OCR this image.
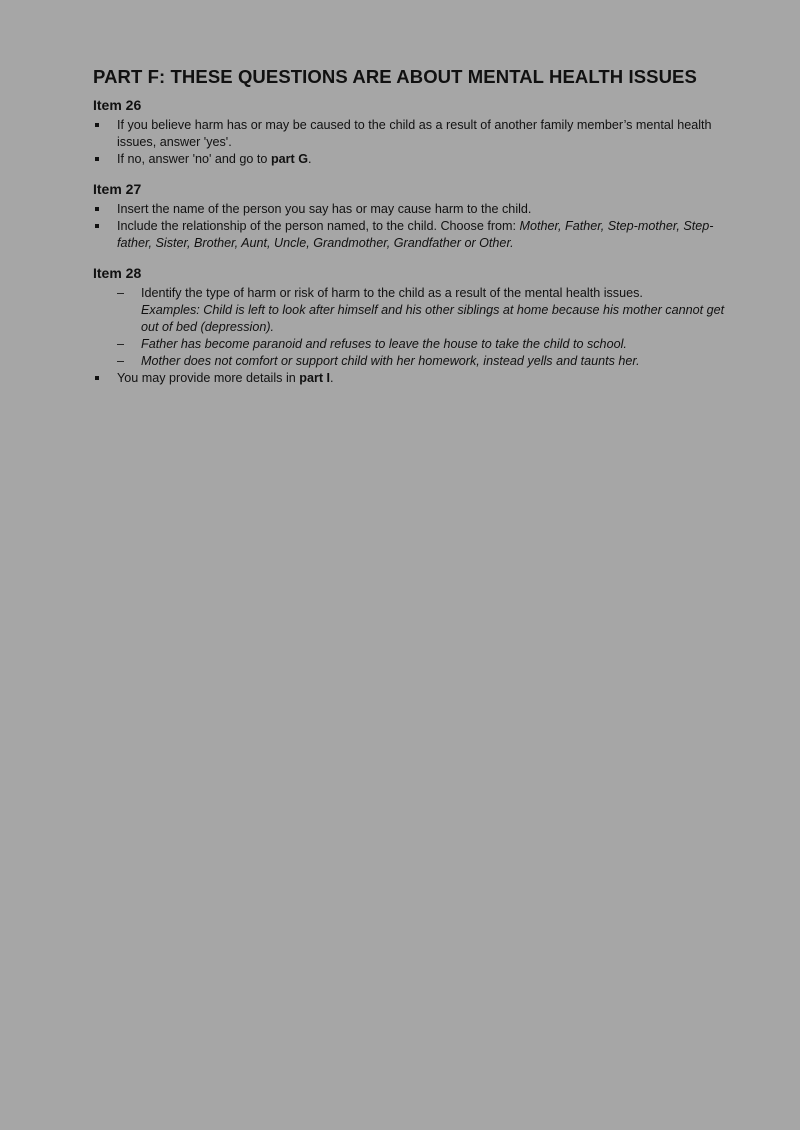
PART F: THESE QUESTIONS ARE ABOUT MENTAL HEALTH ISSUES
Item 26
If you believe harm has or may be caused to the child as a result of another family member’s mental health issues, answer 'yes'.
If no, answer 'no' and go to part G.
Item 27
Insert the name of the person you say has or may cause harm to the child.
Include the relationship of the person named, to the child. Choose from: Mother, Father, Step-mother, Step-father, Sister, Brother, Aunt, Uncle, Grandmother, Grandfather or Other.
Item 28
– Identify the type of harm or risk of harm to the child as a result of the mental health issues.
Examples: Child is left to look after himself and his other siblings at home because his mother cannot get out of bed (depression).
– Father has become paranoid and refuses to leave the house to take the child to school.
– Mother does not comfort or support child with her homework, instead yells and taunts her.
You may provide more details in part I.
